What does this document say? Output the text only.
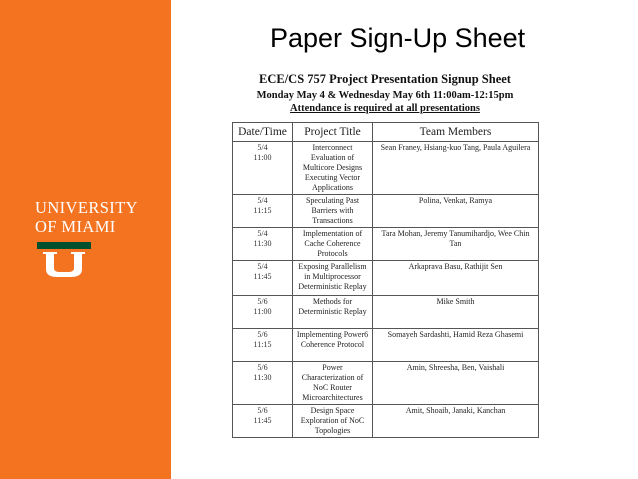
UNIVERSITY
OF MIAMI
Paper Sign-Up Sheet
ECE/CS 757 Project Presentation Signup Sheet
Monday May 4 & Wednesday May 6th 11:00am-12:15pm
Attendance is required at all presentations
Date/Time	Project Title	Team Members

5/4
11:00	Interconnect Evaluation of Multicore Designs Executing Vector Applications	Sean Franey, Hsiang-kuo Tang, Paula Aguilera

5/4
11:15	Speculating Past Barriers with Transactions	Polina, Venkat, Ramya

5/4
11:30	Implementation of Cache Coherence Protocols	Tara Mohan, Jeremy Tanumihardjo, Wee Chin Tan

5/4
11:45	Exposing Parallelism in Multiprocessor Deterministic Replay	Arkaprava Basu, Rathijit Sen

5/6
11:00	Methods for Deterministic Replay	Mike Smith

5/6
11:15	Implementing Power6 Coherence Protocol	Somayeh Sardashti, Hamid Reza Ghasemi

5/6
11:30	Power Characterization of NoC Router Microarchitectures	Amin, Shreesha, Ben, Vaishali

5/6
11:45	Design Space Exploration of NoC Topologies	Amit, Shoaib, Janaki, Kanchan
